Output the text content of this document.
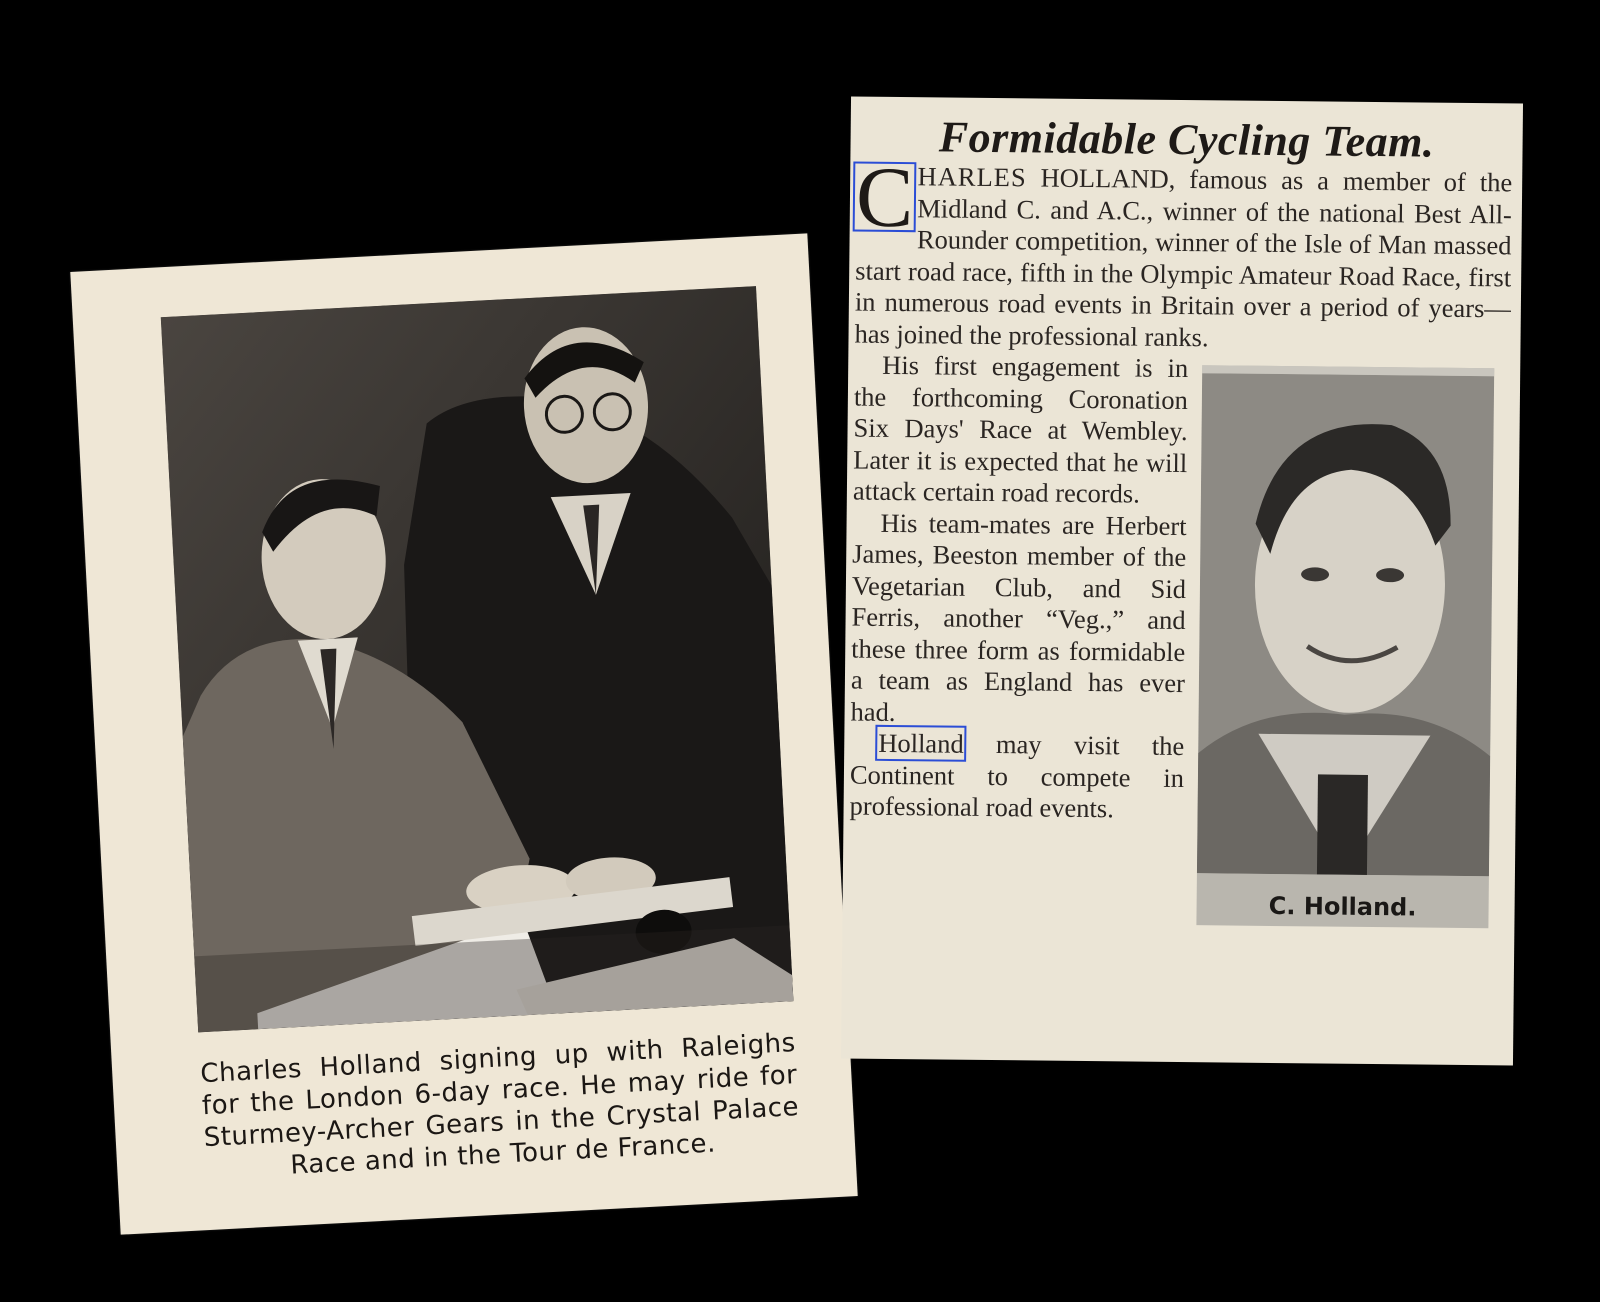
Charles Holland signing up with Raleighs for the London 6-day race. He may ride for Sturmey-Archer Gears in the Crystal Palace Race and in the Tour de France.
Formidable Cycling Team.
C HARLES HOLLAND, famous as a member of the Midland C. and A.C., winner of the national Best All-Rounder competition, winner of the Isle of Man massed start road race, fifth in the Olympic Amateur Road Race, first in numerous road events in Britain over a period of years—has joined the professional ranks.

C. Holland.

His first engagement is in the forthcoming Coronation Six Days' Race at Wembley. Later it is expected that he will attack certain road records.

His team-mates are Herbert James, Beeston member of the Vegetarian Club, and Sid Ferris, another “Veg.,” and these three form as formidable a team as England has ever had.

Holland may visit the Continent to compete in professional road events.
